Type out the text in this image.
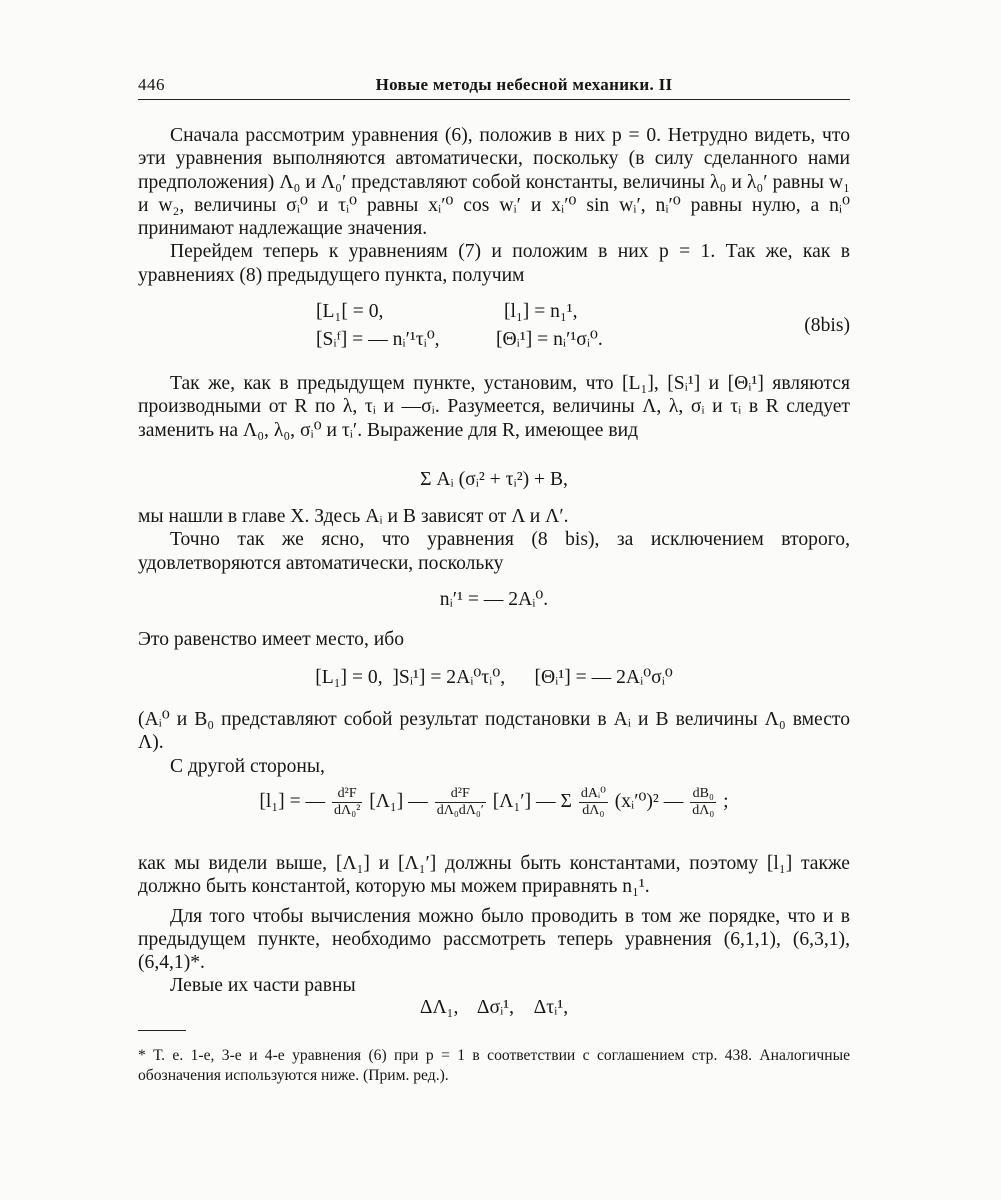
446	Новые методы небесной механики. II

Сначала рассмотрим уравнения (6), положив в них p = 0. Нетрудно видеть, что эти уравнения выполняются автоматически, поскольку (в силу сделанного нами предположения) Λ₀ и Λ₀′ представляют собой константы, величины λ₀ и λ₀′ равны w₁ и w₂, величины σᵢ⁰ и τᵢ⁰ равны xᵢ′⁰ cos wᵢ′ и xᵢ′⁰ sin wᵢ′, nᵢ′⁰ равны нулю, а nᵢ⁰ принимают надлежащие значения.

Перейдем теперь к уравнениям (7) и положим в них p = 1. Так же, как в уравнениях (8) предыдущего пункта, получим

[L₁[ = 0,	[l₁] = n₁¹,
[Sᵢᶠ] = — nᵢ′¹τᵢ⁰,	[Θᵢ¹] = nᵢ′¹σᵢ⁰.
(8bis)

Так же, как в предыдущем пункте, установим, что [L₁], [Sᵢ¹] и [Θᵢ¹] являются производными от R по λ, τᵢ и —σᵢ. Разумеется, величины Λ, λ, σᵢ и τᵢ в R следует заменить на Λ₀, λ₀, σᵢ⁰ и τᵢ′. Выражение для R, имеющее вид

Σ Aᵢ (σᵢ² + τᵢ²) + B,

мы нашли в главе X. Здесь Aᵢ и B зависят от Λ и Λ′.

Точно так же ясно, что уравнения (8 bis), за исключением второго, удовлетворяются автоматически, поскольку

nᵢ′¹ = — 2Aᵢ⁰.

Это равенство имеет место, ибо

[L₁] = 0,  ]Sᵢ¹] = 2Aᵢ⁰τᵢ⁰,      [Θᵢ¹] = — 2Aᵢ⁰σᵢ⁰

(Aᵢ⁰ и B₀ представляют собой результат подстановки в Aᵢ и B величины Λ₀ вместо Λ).

С другой стороны,

[l₁] = — $\frac{\text{d²F}}{\text{dΛ₀²}} [\Lambda_1]$ — $\frac{\text{d²F}}{\text{dΛ₀dΛ₀′}} [\Lambda_1']$ — Σ $\frac{\text{dAᵢ⁰}}{\text{dΛ₀}}$ (xᵢ′⁰)² — $\frac{\text{dB₀}}{\text{dΛ₀}}$ ;

как мы видели выше, [Λ₁] и [Λ₁′] должны быть константами, поэтому [l₁] также должно быть константой, которую мы можем приравнять n₁¹.

Для того чтобы вычисления можно было проводить в том же порядке, что и в предыдущем пункте, необходимо рассмотреть теперь уравнения (6,1,1), (6,3,1), (6,4,1)*.

Левые их части равны

ΔΛ₁,    Δσᵢ¹,    Δτᵢ¹,

* Т. е. 1-е, 3-е и 4-е уравнения (6) при p = 1 в соответствии с соглашением стр. 438. Аналогичные обозначения используются ниже. (Прим. ред.).
